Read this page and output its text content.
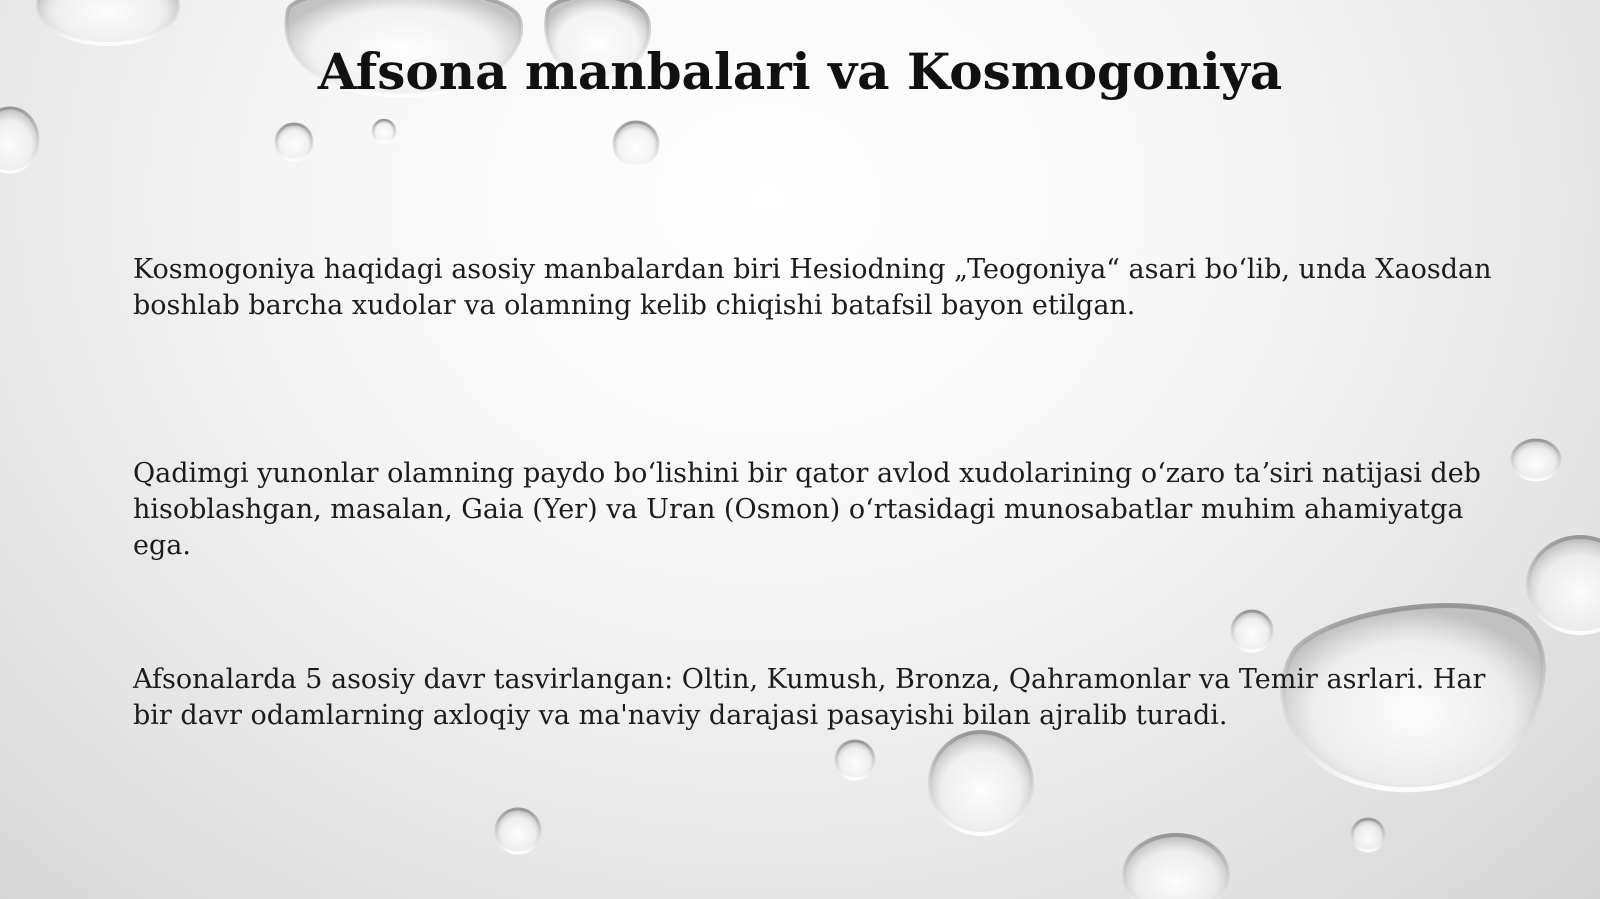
Afsona manbalari va Kosmogoniya

Kosmogoniya haqidagi asosiy manbalardan biri Hesiodning „Teogoniya“ asari boʻlib, unda Xaosdan boshlab barcha xudolar va olamning kelib chiqishi batafsil bayon etilgan.

Qadimgi yunonlar olamning paydo boʻlishini bir qator avlod xudolarining oʻzaro taʼsiri natijasi deb hisoblashgan, masalan, Gaia (Yer) va Uran (Osmon) oʻrtasidagi munosabatlar muhim ahamiyatga ega.

Afsonalarda 5 asosiy davr tasvirlangan: Oltin, Kumush, Bronza, Qahramonlar va Temir asrlari. Har bir davr odamlarning axloqiy va ma'naviy darajasi pasayishi bilan ajralib turadi.
